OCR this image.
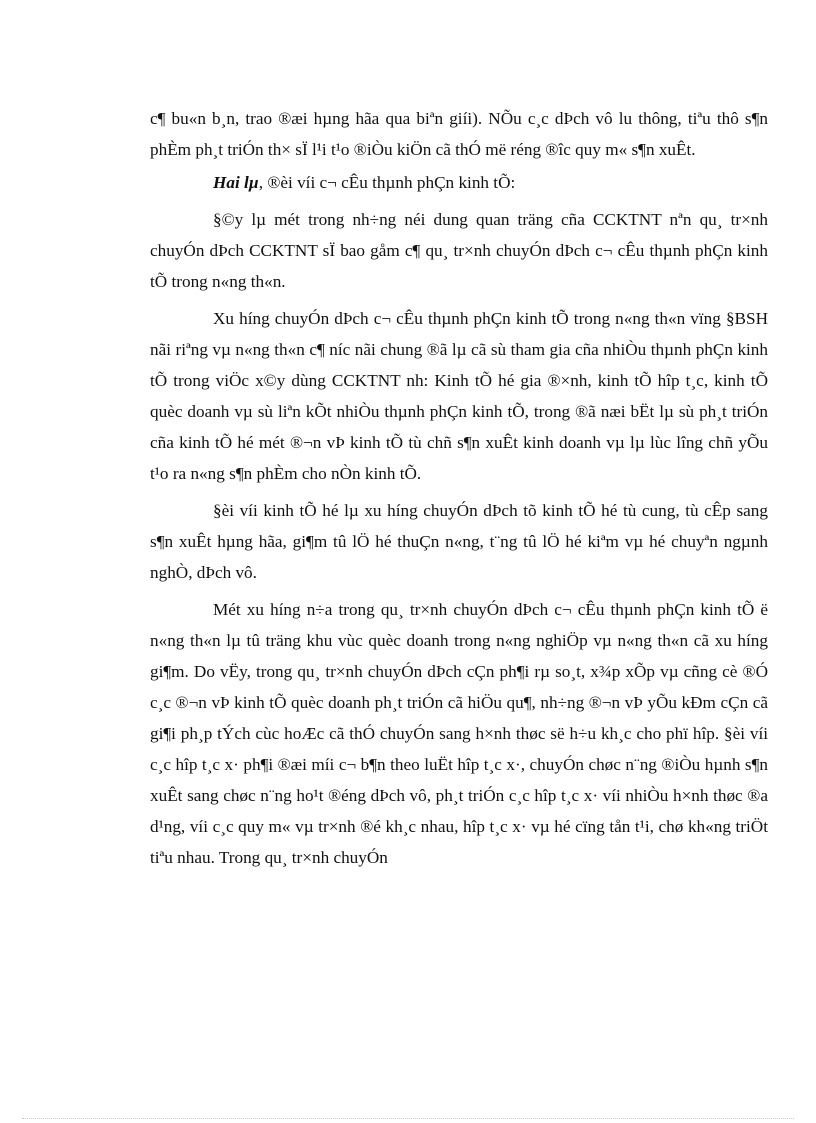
c¶ bu«n b¸n, trao ®æi hµng hãa qua biªn giíi). NÕu c¸c dÞch vô lu thông, tiªu thô s¶n phÈm ph¸t triÓn th× sÏ l¹i t¹o ®iÒu kiÖn cã thÓ më réng ®îc quy m« s¶n xuÊt.

Hai lµ, ®èi víi c¬ cÊu thµnh phÇn kinh tÕ:

§©y lµ mét trong nh÷ng néi dung quan träng cña CCKTNT nªn qu¸ tr×nh chuyÓn dÞch CCKTNT sÏ bao gåm c¶ qu¸ tr×nh chuyÓn dÞch c¬ cÊu thµnh phÇn kinh tÕ trong n«ng th«n.

Xu híng chuyÓn dÞch c¬ cÊu thµnh phÇn kinh tÕ trong n«ng th«n vïng §BSH nãi riªng vµ n«ng th«n c¶ níc nãi chung ®ã lµ cã sù tham gia cña nhiÒu thµnh phÇn kinh tÕ trong viÖc x©y dùng CCKTNT nh: Kinh tÕ hé gia ®×nh, kinh tÕ hîp t¸c, kinh tÕ quèc doanh vµ sù liªn kÕt nhiÒu thµnh phÇn kinh tÕ, trong ®ã næi bËt lµ sù ph¸t triÓn cña kinh tÕ hé mét ®¬n vÞ kinh tÕ tù chñ s¶n xuÊt kinh doanh vµ lµ lùc lîng chñ yÕu t¹o ra n«ng s¶n phÈm cho nÒn kinh tÕ.

§èi víi kinh tÕ hé lµ xu híng chuyÓn dÞch tõ kinh tÕ hé tù cung, tù cÊp sang s¶n xuÊt hµng hãa, gi¶m tû lÖ hé thuÇn n«ng, t¨ng tû lÖ hé kiªm vµ hé chuyªn ngµnh nghÒ, dÞch vô.

Mét xu híng n÷a trong qu¸ tr×nh chuyÓn dÞch c¬ cÊu thµnh phÇn kinh tÕ ë n«ng th«n lµ tû träng khu vùc quèc doanh trong n«ng nghiÖp vµ n«ng th«n cã xu híng gi¶m. Do vËy, trong qu¸ tr×nh chuyÓn dÞch cÇn ph¶i rµ so¸t, x¾p xÕp vµ cñng cè ®Ó c¸c ®¬n vÞ kinh tÕ quèc doanh ph¸t triÓn cã hiÖu qu¶, nh÷ng ®¬n vÞ yÕu kÐm cÇn cã gi¶i ph¸p tÝch cùc hoÆc cã thÓ chuyÓn sang h×nh thøc së h÷u kh¸c cho phï hîp. §èi víi c¸c hîp t¸c x· ph¶i ®æi míi c¬ b¶n theo luËt hîp t¸c x·, chuyÓn chøc n¨ng ®iÒu hµnh s¶n xuÊt sang chøc n¨ng ho¹t ®éng dÞch vô, ph¸t triÓn c¸c hîp t¸c x· víi nhiÒu h×nh thøc ®a d¹ng, víi c¸c quy m« vµ tr×nh ®é kh¸c nhau, hîp t¸c x· vµ hé cïng tån t¹i, chø kh«ng triÖt tiªu nhau. Trong qu¸ tr×nh chuyÓn
